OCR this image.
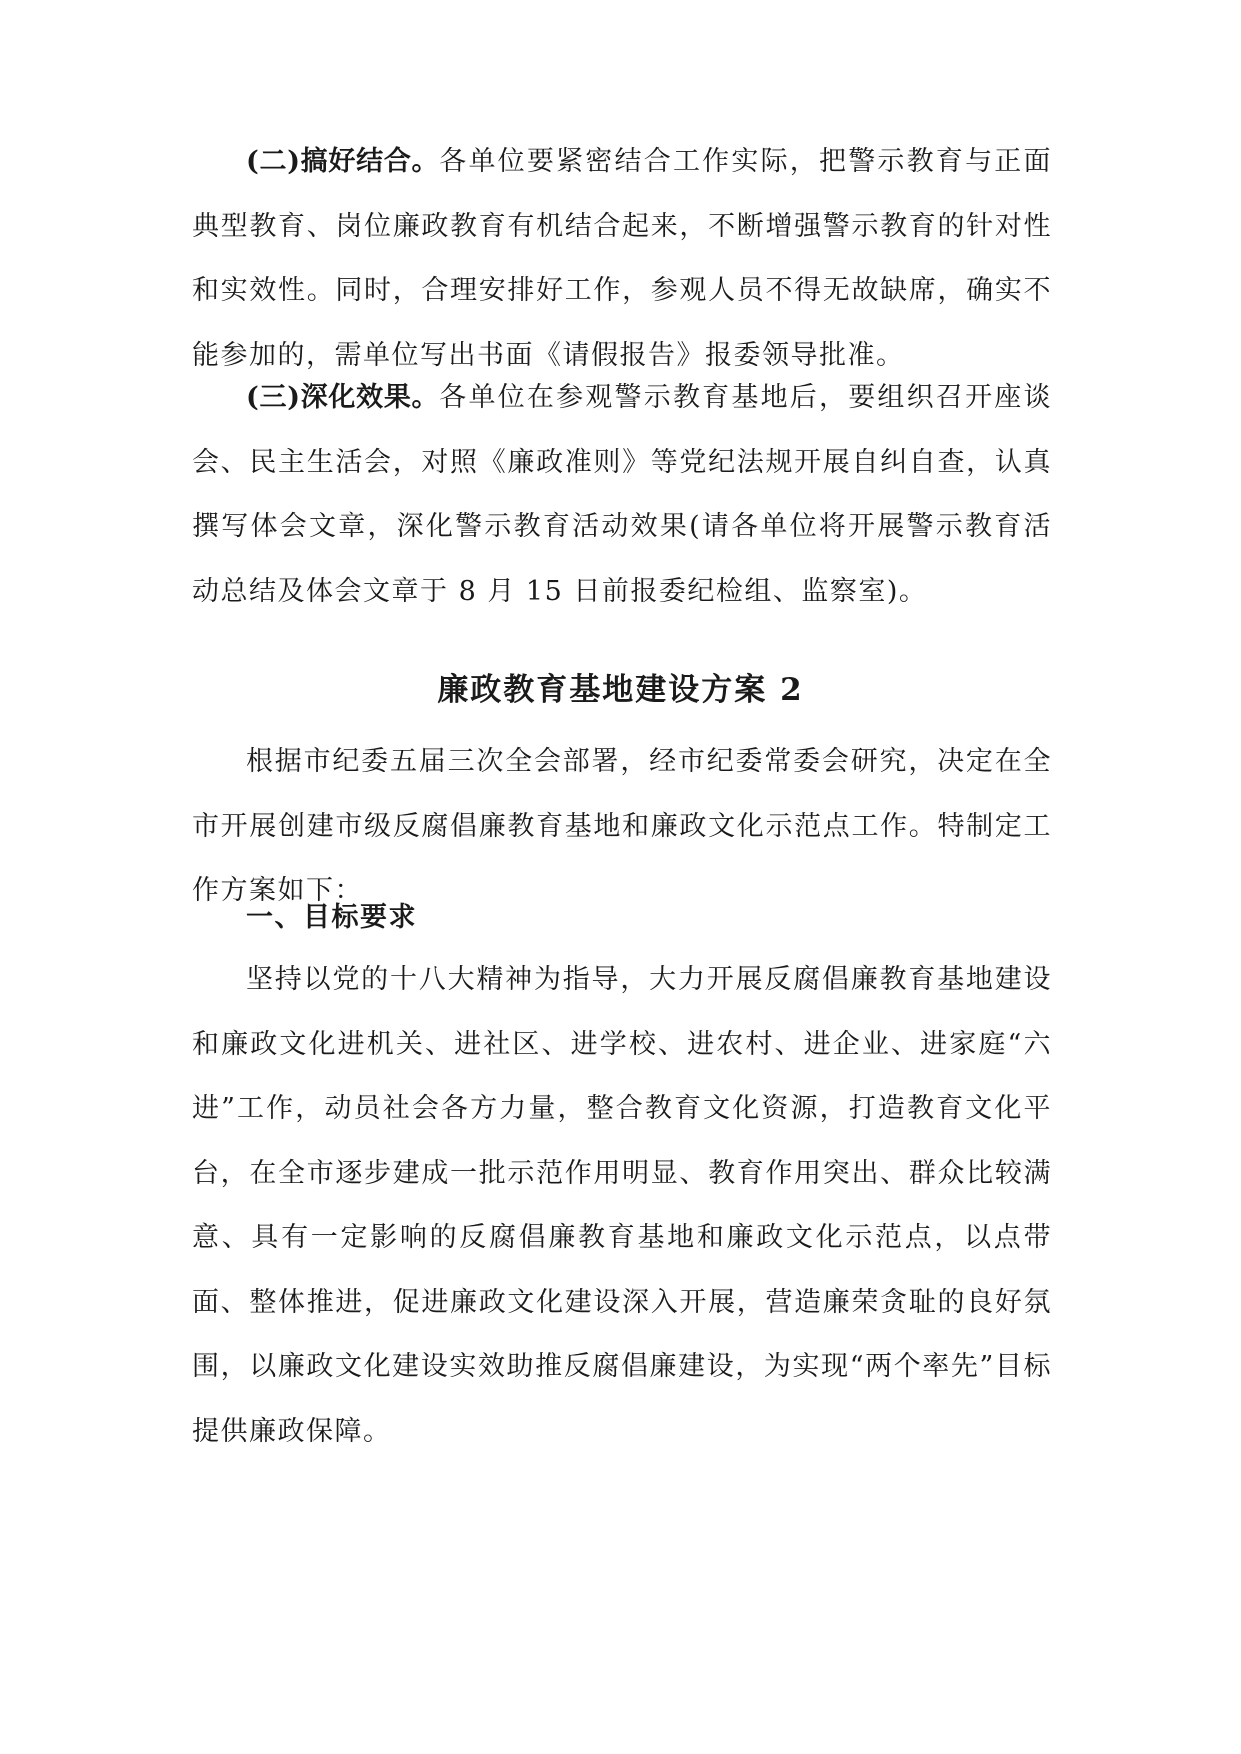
(二)搞好结合。各单位要紧密结合工作实际，把警示教育与正面典型教育、岗位廉政教育有机结合起来，不断增强警示教育的针对性和实效性。同时，合理安排好工作，参观人员不得无故缺席，确实不能参加的，需单位写出书面《请假报告》报委领导批准。

(三)深化效果。各单位在参观警示教育基地后，要组织召开座谈会、民主生活会，对照《廉政准则》等党纪法规开展自纠自查，认真撰写体会文章，深化警示教育活动效果(请各单位将开展警示教育活动总结及体会文章于 8 月 15 日前报委纪检组、监察室)。

廉政教育基地建设方案 2

根据市纪委五届三次全会部署，经市纪委常委会研究，决定在全市开展创建市级反腐倡廉教育基地和廉政文化示范点工作。特制定工作方案如下：

一、目标要求

坚持以党的十八大精神为指导，大力开展反腐倡廉教育基地建设和廉政文化进机关、进社区、进学校、进农村、进企业、进家庭“六进”工作，动员社会各方力量，整合教育文化资源，打造教育文化平台，在全市逐步建成一批示范作用明显、教育作用突出、群众比较满意、具有一定影响的反腐倡廉教育基地和廉政文化示范点，以点带面、整体推进，促进廉政文化建设深入开展，营造廉荣贪耻的良好氛围，以廉政文化建设实效助推反腐倡廉建设，为实现“两个率先”目标提供廉政保障。
